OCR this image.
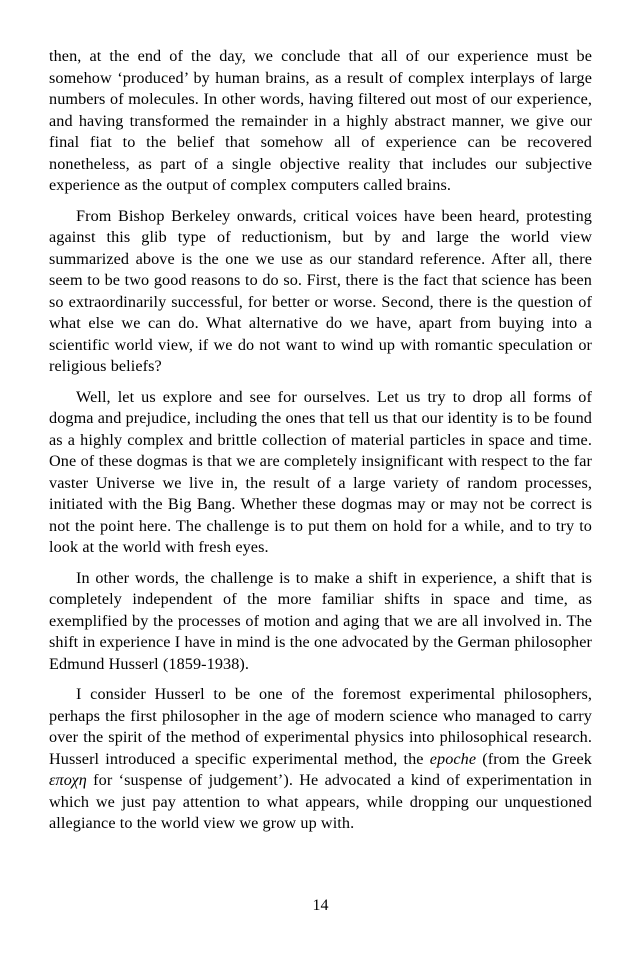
then, at the end of the day, we conclude that all of our experience must be somehow ‘produced’ by human brains, as a result of complex interplays of large numbers of molecules. In other words, having filtered out most of our experience, and having transformed the remainder in a highly abstract manner, we give our final fiat to the belief that somehow all of experience can be recovered nonetheless, as part of a single objective reality that includes our subjective experience as the output of complex computers called brains.

From Bishop Berkeley onwards, critical voices have been heard, protesting against this glib type of reductionism, but by and large the world view summarized above is the one we use as our standard reference. After all, there seem to be two good reasons to do so. First, there is the fact that science has been so extraordinarily successful, for better or worse. Second, there is the question of what else we can do. What alternative do we have, apart from buying into a scientific world view, if we do not want to wind up with romantic speculation or religious beliefs?

Well, let us explore and see for ourselves. Let us try to drop all forms of dogma and prejudice, including the ones that tell us that our identity is to be found as a highly complex and brittle collection of material particles in space and time. One of these dogmas is that we are completely insignificant with respect to the far vaster Universe we live in, the result of a large variety of random processes, initiated with the Big Bang. Whether these dogmas may or may not be correct is not the point here. The challenge is to put them on hold for a while, and to try to look at the world with fresh eyes.

In other words, the challenge is to make a shift in experience, a shift that is completely independent of the more familiar shifts in space and time, as exemplified by the processes of motion and aging that we are all involved in. The shift in experience I have in mind is the one advocated by the German philosopher Edmund Husserl (1859-1938).

I consider Husserl to be one of the foremost experimental philosophers, perhaps the first philosopher in the age of modern science who managed to carry over the spirit of the method of experimental physics into philosophical research. Husserl introduced a specific experimental method, the epoche (from the Greek εποχη for ‘suspense of judgement’). He advocated a kind of experimentation in which we just pay attention to what appears, while dropping our unquestioned allegiance to the world view we grow up with.

14
